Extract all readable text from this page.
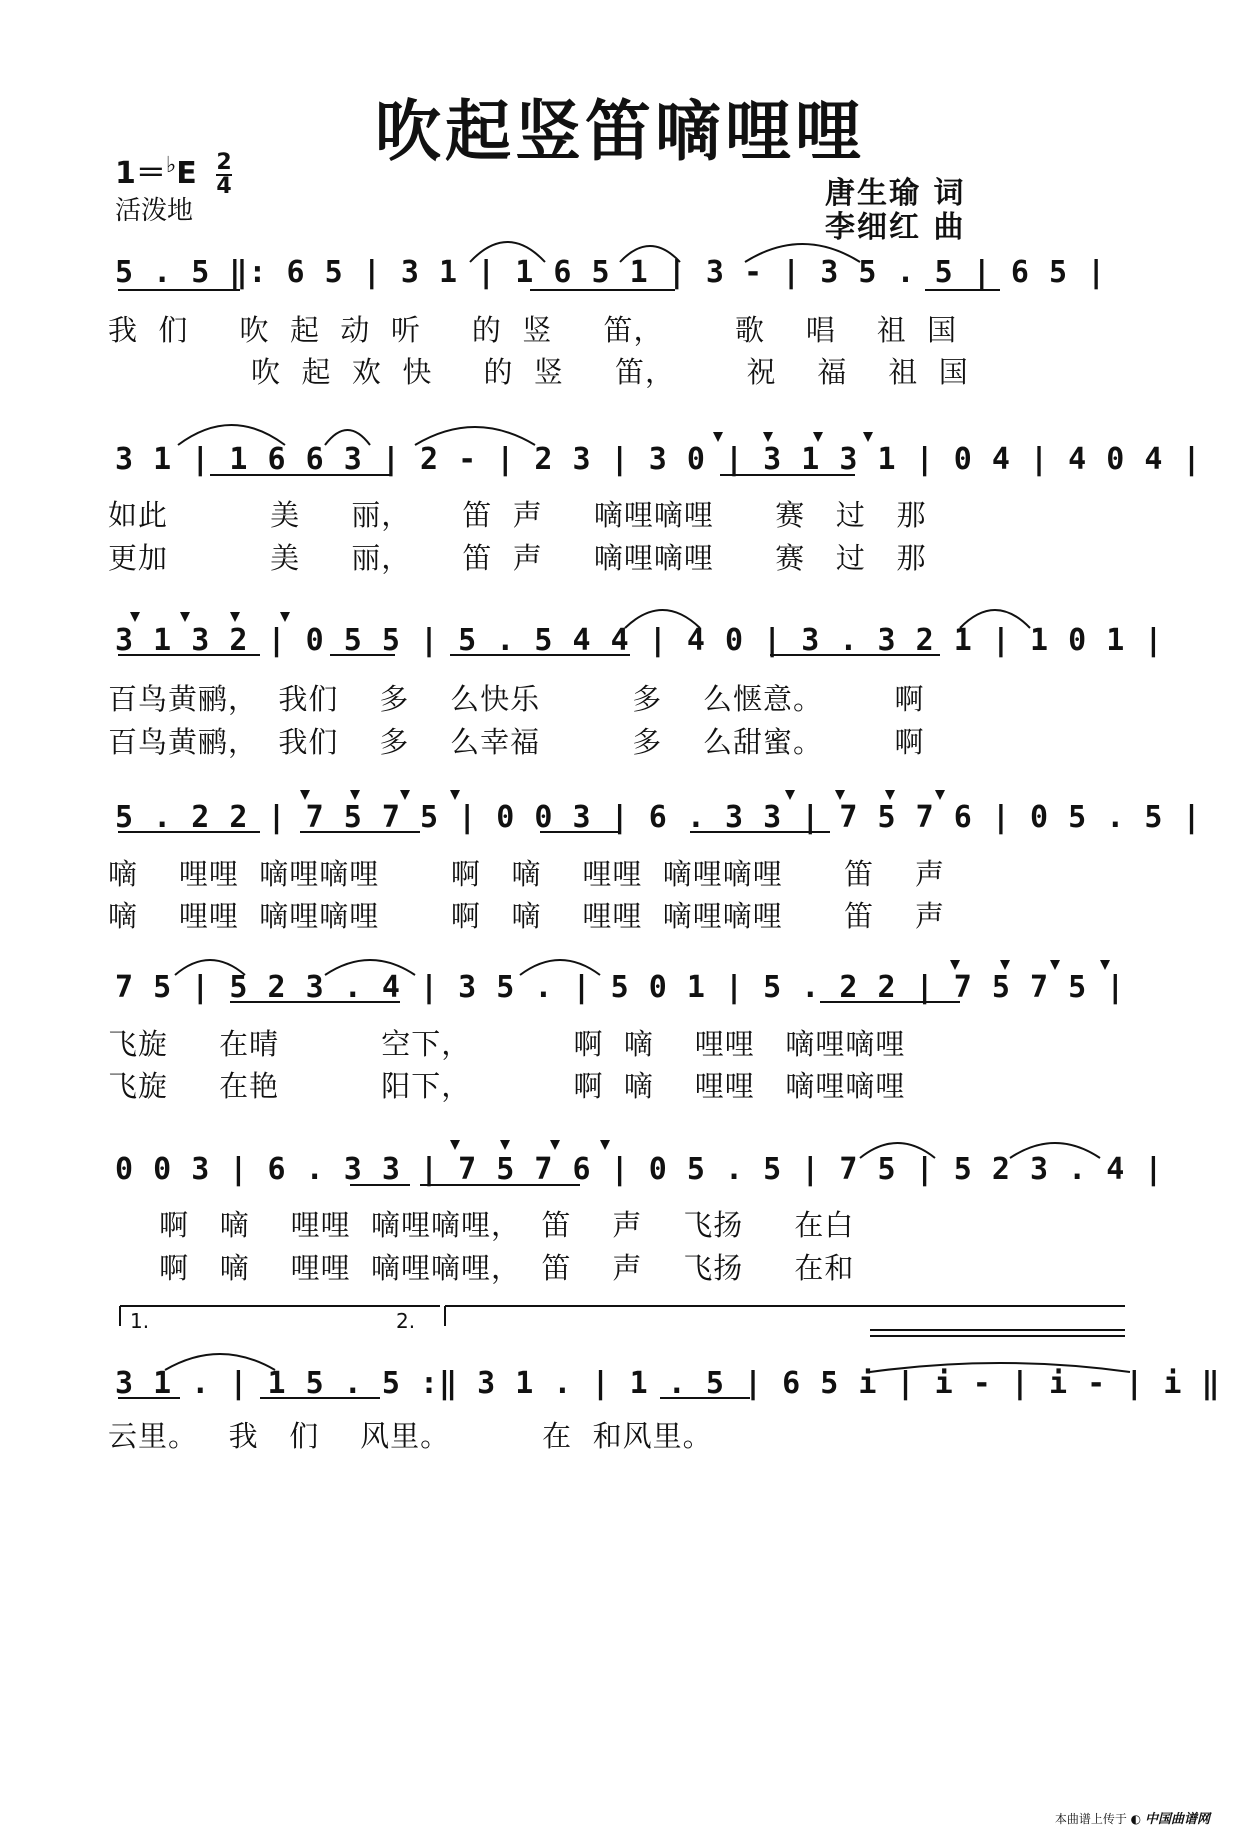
吹起竖笛嘀哩哩
$1=^♭E \frac{2}{4}$
活泼地	唐生瑜 词
李细红 曲
5 . 5 ‖: 6 5 | 3 1 | 1 6 5 1 | 3 - | 3 5 . 5 | 6 5 |
我  们     吹  起  动  听     的  竖     笛，       歌    唱    祖  国
吹  起  欢  快     的  竖     笛，       祝    福    祖  国
3 1 | 1 6 6 3 | 2 - | 2 3 | 3 0 | 3 1 3 1 | 0 4 | 4 0 4 |
如此          美     丽，     笛  声     嘀哩嘀哩      赛   过   那
更加          美     丽，     笛  声     嘀哩嘀哩      赛   过   那
3 1 3 2 | 0 5 5 | 5 . 5 4 4 | 4 0 | 3 . 3 2 1 | 1 0 1 |
百鸟黄鹂，  我们    多    么快乐         多    么惬意。       啊
百鸟黄鹂，  我们    多    么幸福         多    么甜蜜。       啊
5 . 2 2 | 7 5 7 5 | 0 0 3 | 6 . 3 3 | 7 5 7 6 | 0 5 . 5 |
嘀    哩哩  嘀哩嘀哩       啊   嘀    哩哩  嘀哩嘀哩      笛    声
嘀    哩哩  嘀哩嘀哩       啊   嘀    哩哩  嘀哩嘀哩      笛    声
7 5 | 5 2 3 . 4 | 3 5 . | 5 0 1 | 5 . 2 2 | 7 5 7 5 |
飞旋     在晴          空下，          啊  嘀    哩哩   嘀哩嘀哩
飞旋     在艳          阳下，          啊  嘀    哩哩   嘀哩嘀哩
0 0 3 | 6 . 3 3 | 7 5 7 6 | 0 5 . 5 | 7 5 | 5 2 3 . 4 |
啊   嘀    哩哩  嘀哩嘀哩，  笛    声    飞扬     在白
啊   嘀    哩哩  嘀哩嘀哩，  笛    声    飞扬     在和
1.	2.
3 1 . | 1 5 . 5 :‖ 3 1 . | 1 . 5 | 6 5 i | i - | i - | i ‖
云里。   我   们    风里。         在  和风里。
本曲谱上传于 ◐ 中国曲谱网
